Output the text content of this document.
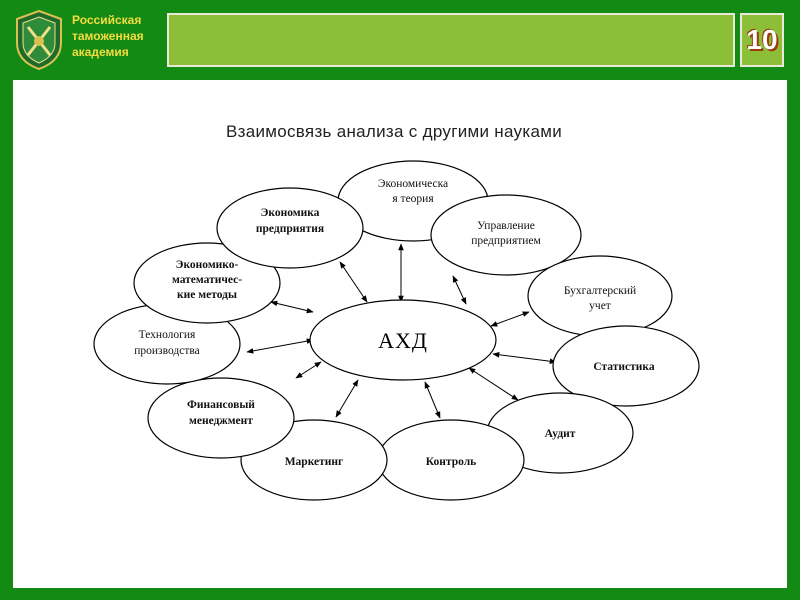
Российская
таможенная
академия	10
Взаимосвязь анализа с другими науками
АХД
Экономическа
я теория
Управление
предприятием
Бухгалтерский
учет
Статистика
Аудит
Контроль
Маркетинг
Финансовый
менеджмент
Технология
производства
Экономико-
математичес-
кие методы
Экономика
предприятия
